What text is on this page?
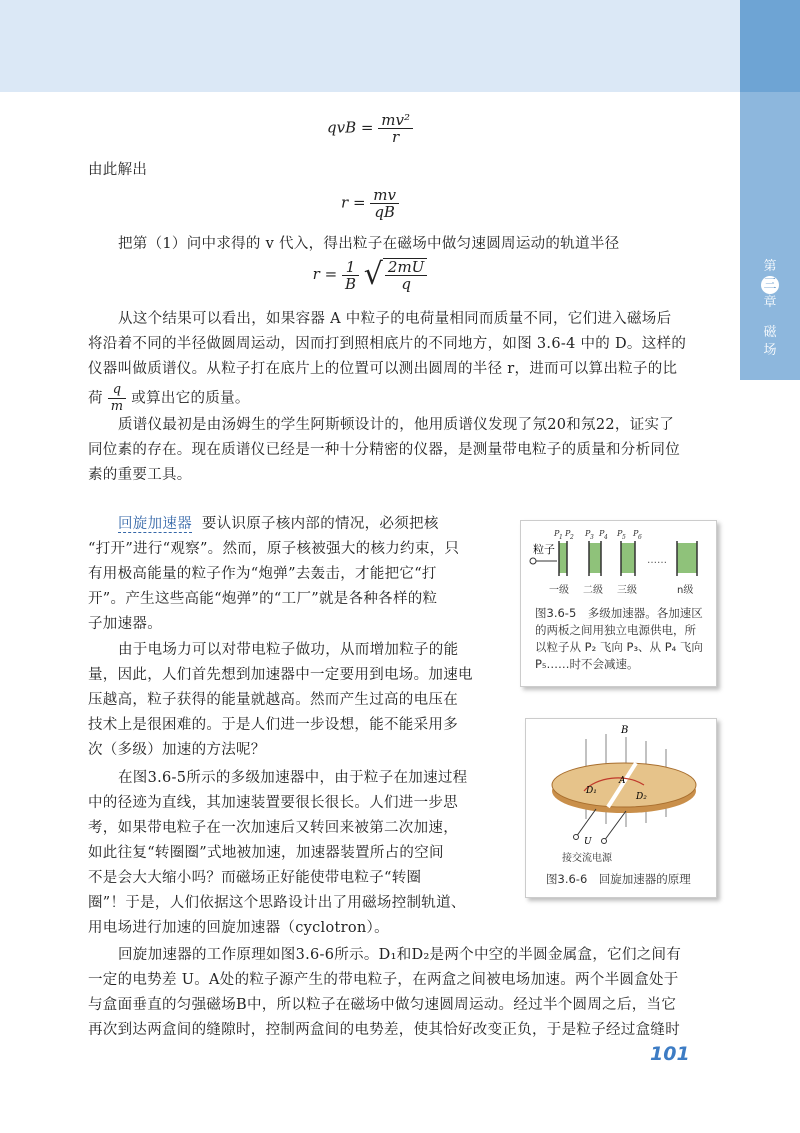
第
三
章
磁场
qvB = $\frac{\text{mv²}}{r}$
由此解出
$r = \frac{mv}{qB}$
把第（1）问中求得的 v 代入，得出粒子在磁场中做匀速圆周运动的轨道半径
$r = \frac{1}{B}$ √ $\frac{2mU}{q}$
从这个结果可以看出，如果容器 A 中粒子的电荷量相同而质量不同，它们进入磁场后
将沿着不同的半径做圆周运动，因而打到照相底片的不同地方，如图 3.6-4 中的 D。这样的
仪器叫做质谱仪。从粒子打在底片上的位置可以测出圆周的半径 r，进而可以算出粒子的比
荷 $\frac{q}{m}$ 或算出它的质量。
质谱仪最初是由汤姆生的学生阿斯顿设计的，他用质谱仪发现了氖20和氖22，证实了
同位素的存在。现在质谱仪已经是一种十分精密的仪器，是测量带电粒子的质量和分析同位
素的重要工具。
回旋加速器 要认识原子核内部的情况，必须把核
“打开”进行“观察”。然而，原子核被强大的核力约束，只
有用极高能量的粒子作为“炮弹”去轰击，才能把它“打
开”。产生这些高能“炮弹”的“工厂”就是各种各样的粒
子加速器。
由于电场力可以对带电粒子做功，从而增加粒子的能
量，因此，人们首先想到加速器中一定要用到电场。加速电
压越高，粒子获得的能量就越高。然而产生过高的电压在
技术上是很困难的。于是人们进一步设想，能不能采用多
次（多级）加速的方法呢？
在图3.6-5所示的多级加速器中，由于粒子在加速过程
中的径迹为直线，其加速装置要很长很长。人们进一步思
考，如果带电粒子在一次加速后又转回来被第二次加速，
如此往复“转圈圈”式地被加速，加速器装置所占的空间
不是会大大缩小吗？而磁场正好能使带电粒子“转圈
圈”！于是，人们依据这个思路设计出了用磁场控制轨道、
用电场进行加速的回旋加速器（cyclotron）。
回旋加速器的工作原理如图3.6-6所示。D₁和D₂是两个中空的半圆金属盒，它们之间有
一定的电势差 U。A处的粒子源产生的带电粒子，在两盒之间被电场加速。两个半圆盒处于
与盒面垂直的匀强磁场B中，所以粒子在磁场中做匀速圆周运动。经过半个圆周之后，当它
再次到达两盒间的缝隙时，控制两盒间的电势差，使其恰好改变正负，于是粒子经过盒缝时
粒子
P 1 P 2 P 3 P 4 P 5 P 6
……
一级 二级 三级	n级
图3.6-5　多级加速器。各加速区
的两板之间用独立电源供电，所
以粒子从 P₂ 飞向 P₃、从 P₄ 飞向
P₅……时不会减速。
B
D₁
D₂
A
U
接交流电源
图3.6-6　回旋加速器的原理
101
